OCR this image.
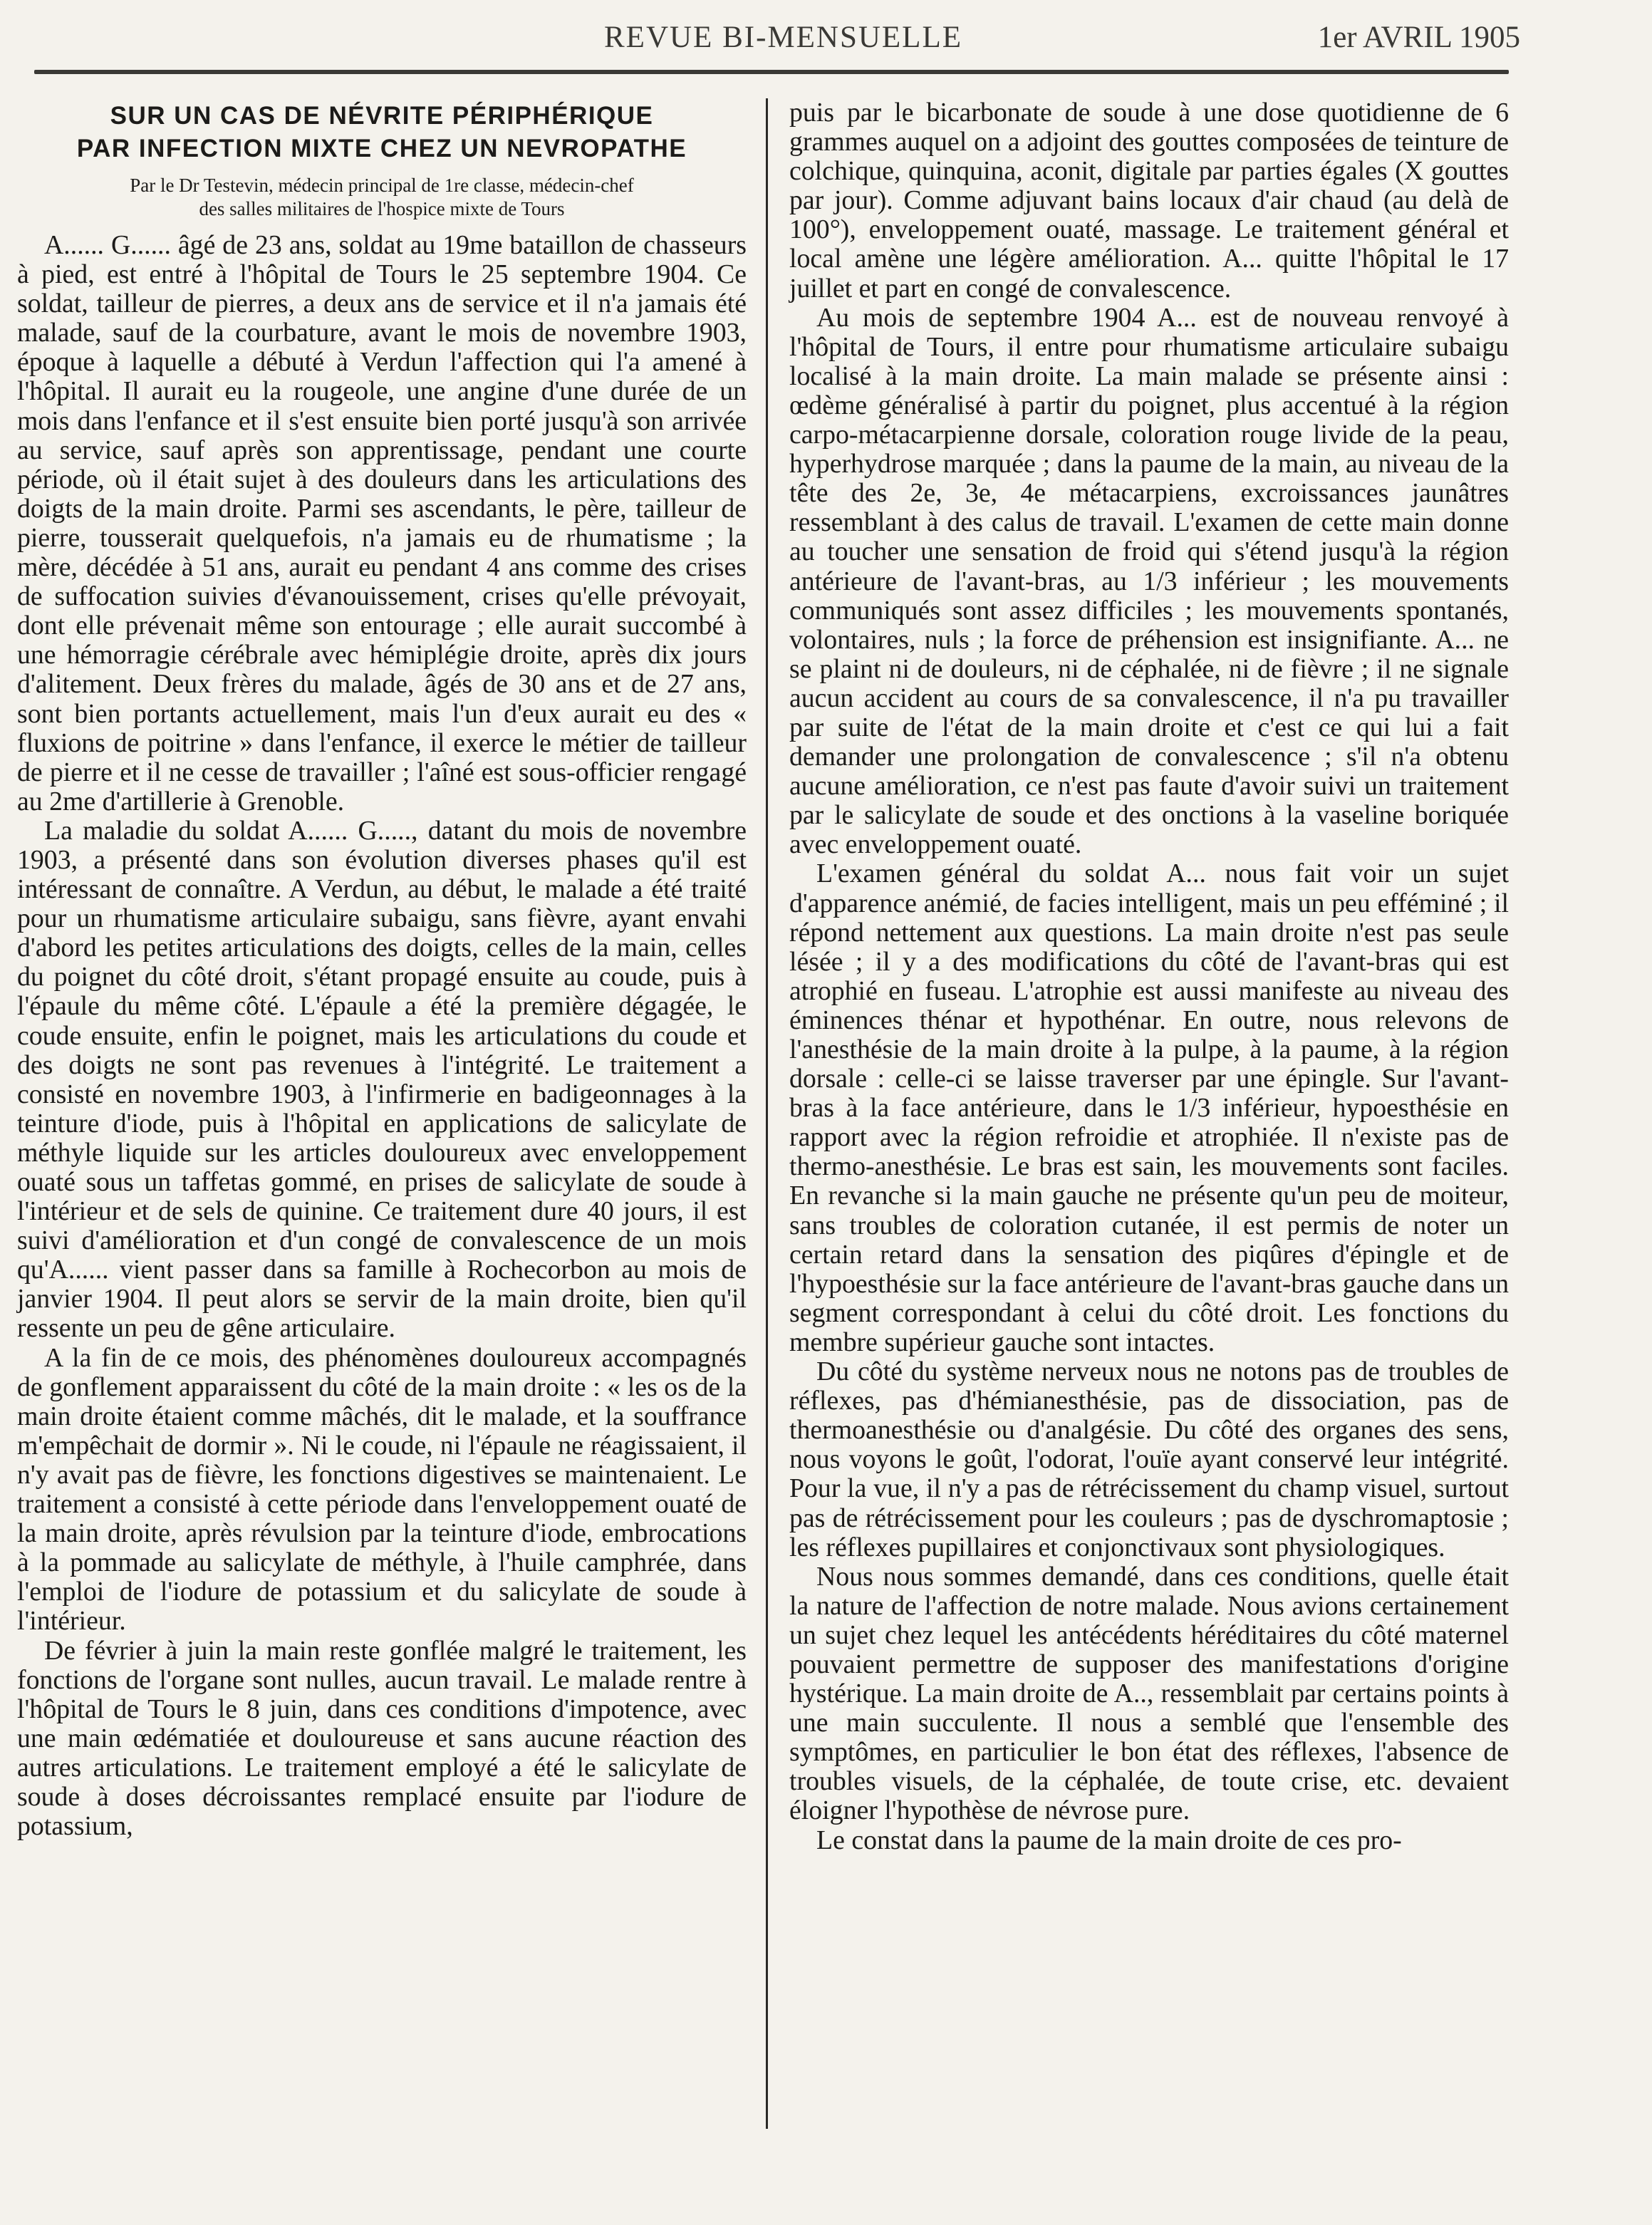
REVUE BI-MENSUELLE	1er AVRIL 1905
SUR UN CAS DE NÉVRITE PÉRIPHÉRIQUE
PAR INFECTION MIXTE CHEZ UN NEVROPATHE
Par le Dr Testevin, médecin principal de 1re classe, médecin-chef
des salles militaires de l'hospice mixte de Tours

A...... G...... âgé de 23 ans, soldat au 19me bataillon de chasseurs à pied, est entré à l'hôpital de Tours le 25 septembre 1904. Ce soldat, tailleur de pierres, a deux ans de service et il n'a jamais été malade, sauf de la courbature, avant le mois de novembre 1903, époque à laquelle a débuté à Verdun l'affection qui l'a amené à l'hôpital. Il aurait eu la rougeole, une angine d'une durée de un mois dans l'enfance et il s'est ensuite bien porté jusqu'à son arrivée au service, sauf après son apprentissage, pendant une courte période, où il était sujet à des douleurs dans les articulations des doigts de la main droite. Parmi ses ascendants, le père, tailleur de pierre, tousserait quelquefois, n'a jamais eu de rhumatisme ; la mère, décédée à 51 ans, aurait eu pendant 4 ans comme des crises de suffocation suivies d'évanouissement, crises qu'elle prévoyait, dont elle prévenait même son entourage ; elle aurait succombé à une hémorragie cérébrale avec hémiplégie droite, après dix jours d'alitement. Deux frères du malade, âgés de 30 ans et de 27 ans, sont bien portants actuellement, mais l'un d'eux aurait eu des « fluxions de poitrine » dans l'enfance, il exerce le métier de tailleur de pierre et il ne cesse de travailler ; l'aîné est sous-officier rengagé au 2me d'artillerie à Grenoble.

La maladie du soldat A...... G....., datant du mois de novembre 1903, a présenté dans son évolution diverses phases qu'il est intéressant de connaître. A Verdun, au début, le malade a été traité pour un rhumatisme articulaire subaigu, sans fièvre, ayant envahi d'abord les petites articulations des doigts, celles de la main, celles du poignet du côté droit, s'étant propagé ensuite au coude, puis à l'épaule du même côté. L'épaule a été la première dégagée, le coude ensuite, enfin le poignet, mais les articulations du coude et des doigts ne sont pas revenues à l'intégrité. Le traitement a consisté en novembre 1903, à l'infirmerie en badigeonnages à la teinture d'iode, puis à l'hôpital en applications de salicylate de méthyle liquide sur les articles douloureux avec enveloppement ouaté sous un taffetas gommé, en prises de salicylate de soude à l'intérieur et de sels de quinine. Ce traitement dure 40 jours, il est suivi d'amélioration et d'un congé de convalescence de un mois qu'A...... vient passer dans sa famille à Rochecorbon au mois de janvier 1904. Il peut alors se servir de la main droite, bien qu'il ressente un peu de gêne articulaire.

A la fin de ce mois, des phénomènes douloureux accompagnés de gonflement apparaissent du côté de la main droite : « les os de la main droite étaient comme mâchés, dit le malade, et la souffrance m'empêchait de dormir ». Ni le coude, ni l'épaule ne réagissaient, il n'y avait pas de fièvre, les fonctions digestives se maintenaient. Le traitement a consisté à cette période dans l'enveloppement ouaté de la main droite, après révulsion par la teinture d'iode, embrocations à la pommade au salicylate de méthyle, à l'huile camphrée, dans l'emploi de l'iodure de potassium et du salicylate de soude à l'intérieur.

De février à juin la main reste gonflée malgré le traitement, les fonctions de l'organe sont nulles, aucun travail. Le malade rentre à l'hôpital de Tours le 8 juin, dans ces conditions d'impotence, avec une main œdématiée et douloureuse et sans aucune réaction des autres articulations. Le traitement employé a été le salicylate de soude à doses décroissantes remplacé ensuite par l'iodure de potassium,

puis par le bicarbonate de soude à une dose quotidienne de 6 grammes auquel on a adjoint des gouttes composées de teinture de colchique, quinquina, aconit, digitale par parties égales (X gouttes par jour). Comme adjuvant bains locaux d'air chaud (au delà de 100°), enveloppement ouaté, massage. Le traitement général et local amène une légère amélioration. A... quitte l'hôpital le 17 juillet et part en congé de convalescence.

Au mois de septembre 1904 A... est de nouveau renvoyé à l'hôpital de Tours, il entre pour rhumatisme articulaire subaigu localisé à la main droite. La main malade se présente ainsi : œdème généralisé à partir du poignet, plus accentué à la région carpo-métacarpienne dorsale, coloration rouge livide de la peau, hyperhydrose marquée ; dans la paume de la main, au niveau de la tête des 2e, 3e, 4e métacarpiens, excroissances jaunâtres ressemblant à des calus de travail. L'examen de cette main donne au toucher une sensation de froid qui s'étend jusqu'à la région antérieure de l'avant-bras, au 1/3 inférieur ; les mouvements communiqués sont assez difficiles ; les mouvements spontanés, volontaires, nuls ; la force de préhension est insignifiante. A... ne se plaint ni de douleurs, ni de céphalée, ni de fièvre ; il ne signale aucun accident au cours de sa convalescence, il n'a pu travailler par suite de l'état de la main droite et c'est ce qui lui a fait demander une prolongation de convalescence ; s'il n'a obtenu aucune amélioration, ce n'est pas faute d'avoir suivi un traitement par le salicylate de soude et des onctions à la vaseline boriquée avec enveloppement ouaté.

L'examen général du soldat A... nous fait voir un sujet d'apparence anémié, de facies intelligent, mais un peu efféminé ; il répond nettement aux questions. La main droite n'est pas seule lésée ; il y a des modifications du côté de l'avant-bras qui est atrophié en fuseau. L'atrophie est aussi manifeste au niveau des éminences thénar et hypothénar. En outre, nous relevons de l'anesthésie de la main droite à la pulpe, à la paume, à la région dorsale : celle-ci se laisse traverser par une épingle. Sur l'avant-bras à la face antérieure, dans le 1/3 inférieur, hypoesthésie en rapport avec la région refroidie et atrophiée. Il n'existe pas de thermo-anesthésie. Le bras est sain, les mouvements sont faciles. En revanche si la main gauche ne présente qu'un peu de moiteur, sans troubles de coloration cutanée, il est permis de noter un certain retard dans la sensation des piqûres d'épingle et de l'hypoesthésie sur la face antérieure de l'avant-bras gauche dans un segment correspondant à celui du côté droit. Les fonctions du membre supérieur gauche sont intactes.

Du côté du système nerveux nous ne notons pas de troubles de réflexes, pas d'hémianesthésie, pas de dissociation, pas de thermoanesthésie ou d'analgésie. Du côté des organes des sens, nous voyons le goût, l'odorat, l'ouïe ayant conservé leur intégrité. Pour la vue, il n'y a pas de rétrécissement du champ visuel, surtout pas de rétrécissement pour les couleurs ; pas de dyschromaptosie ; les réflexes pupillaires et conjonctivaux sont physiologiques.

Nous nous sommes demandé, dans ces conditions, quelle était la nature de l'affection de notre malade. Nous avions certainement un sujet chez lequel les antécédents héréditaires du côté maternel pouvaient permettre de supposer des manifestations d'origine hystérique. La main droite de A.., ressemblait par certains points à une main succulente. Il nous a semblé que l'ensemble des symptômes, en particulier le bon état des réflexes, l'absence de troubles visuels, de la céphalée, de toute crise, etc. devaient éloigner l'hypothèse de névrose pure.

Le constat dans la paume de la main droite de ces pro-
